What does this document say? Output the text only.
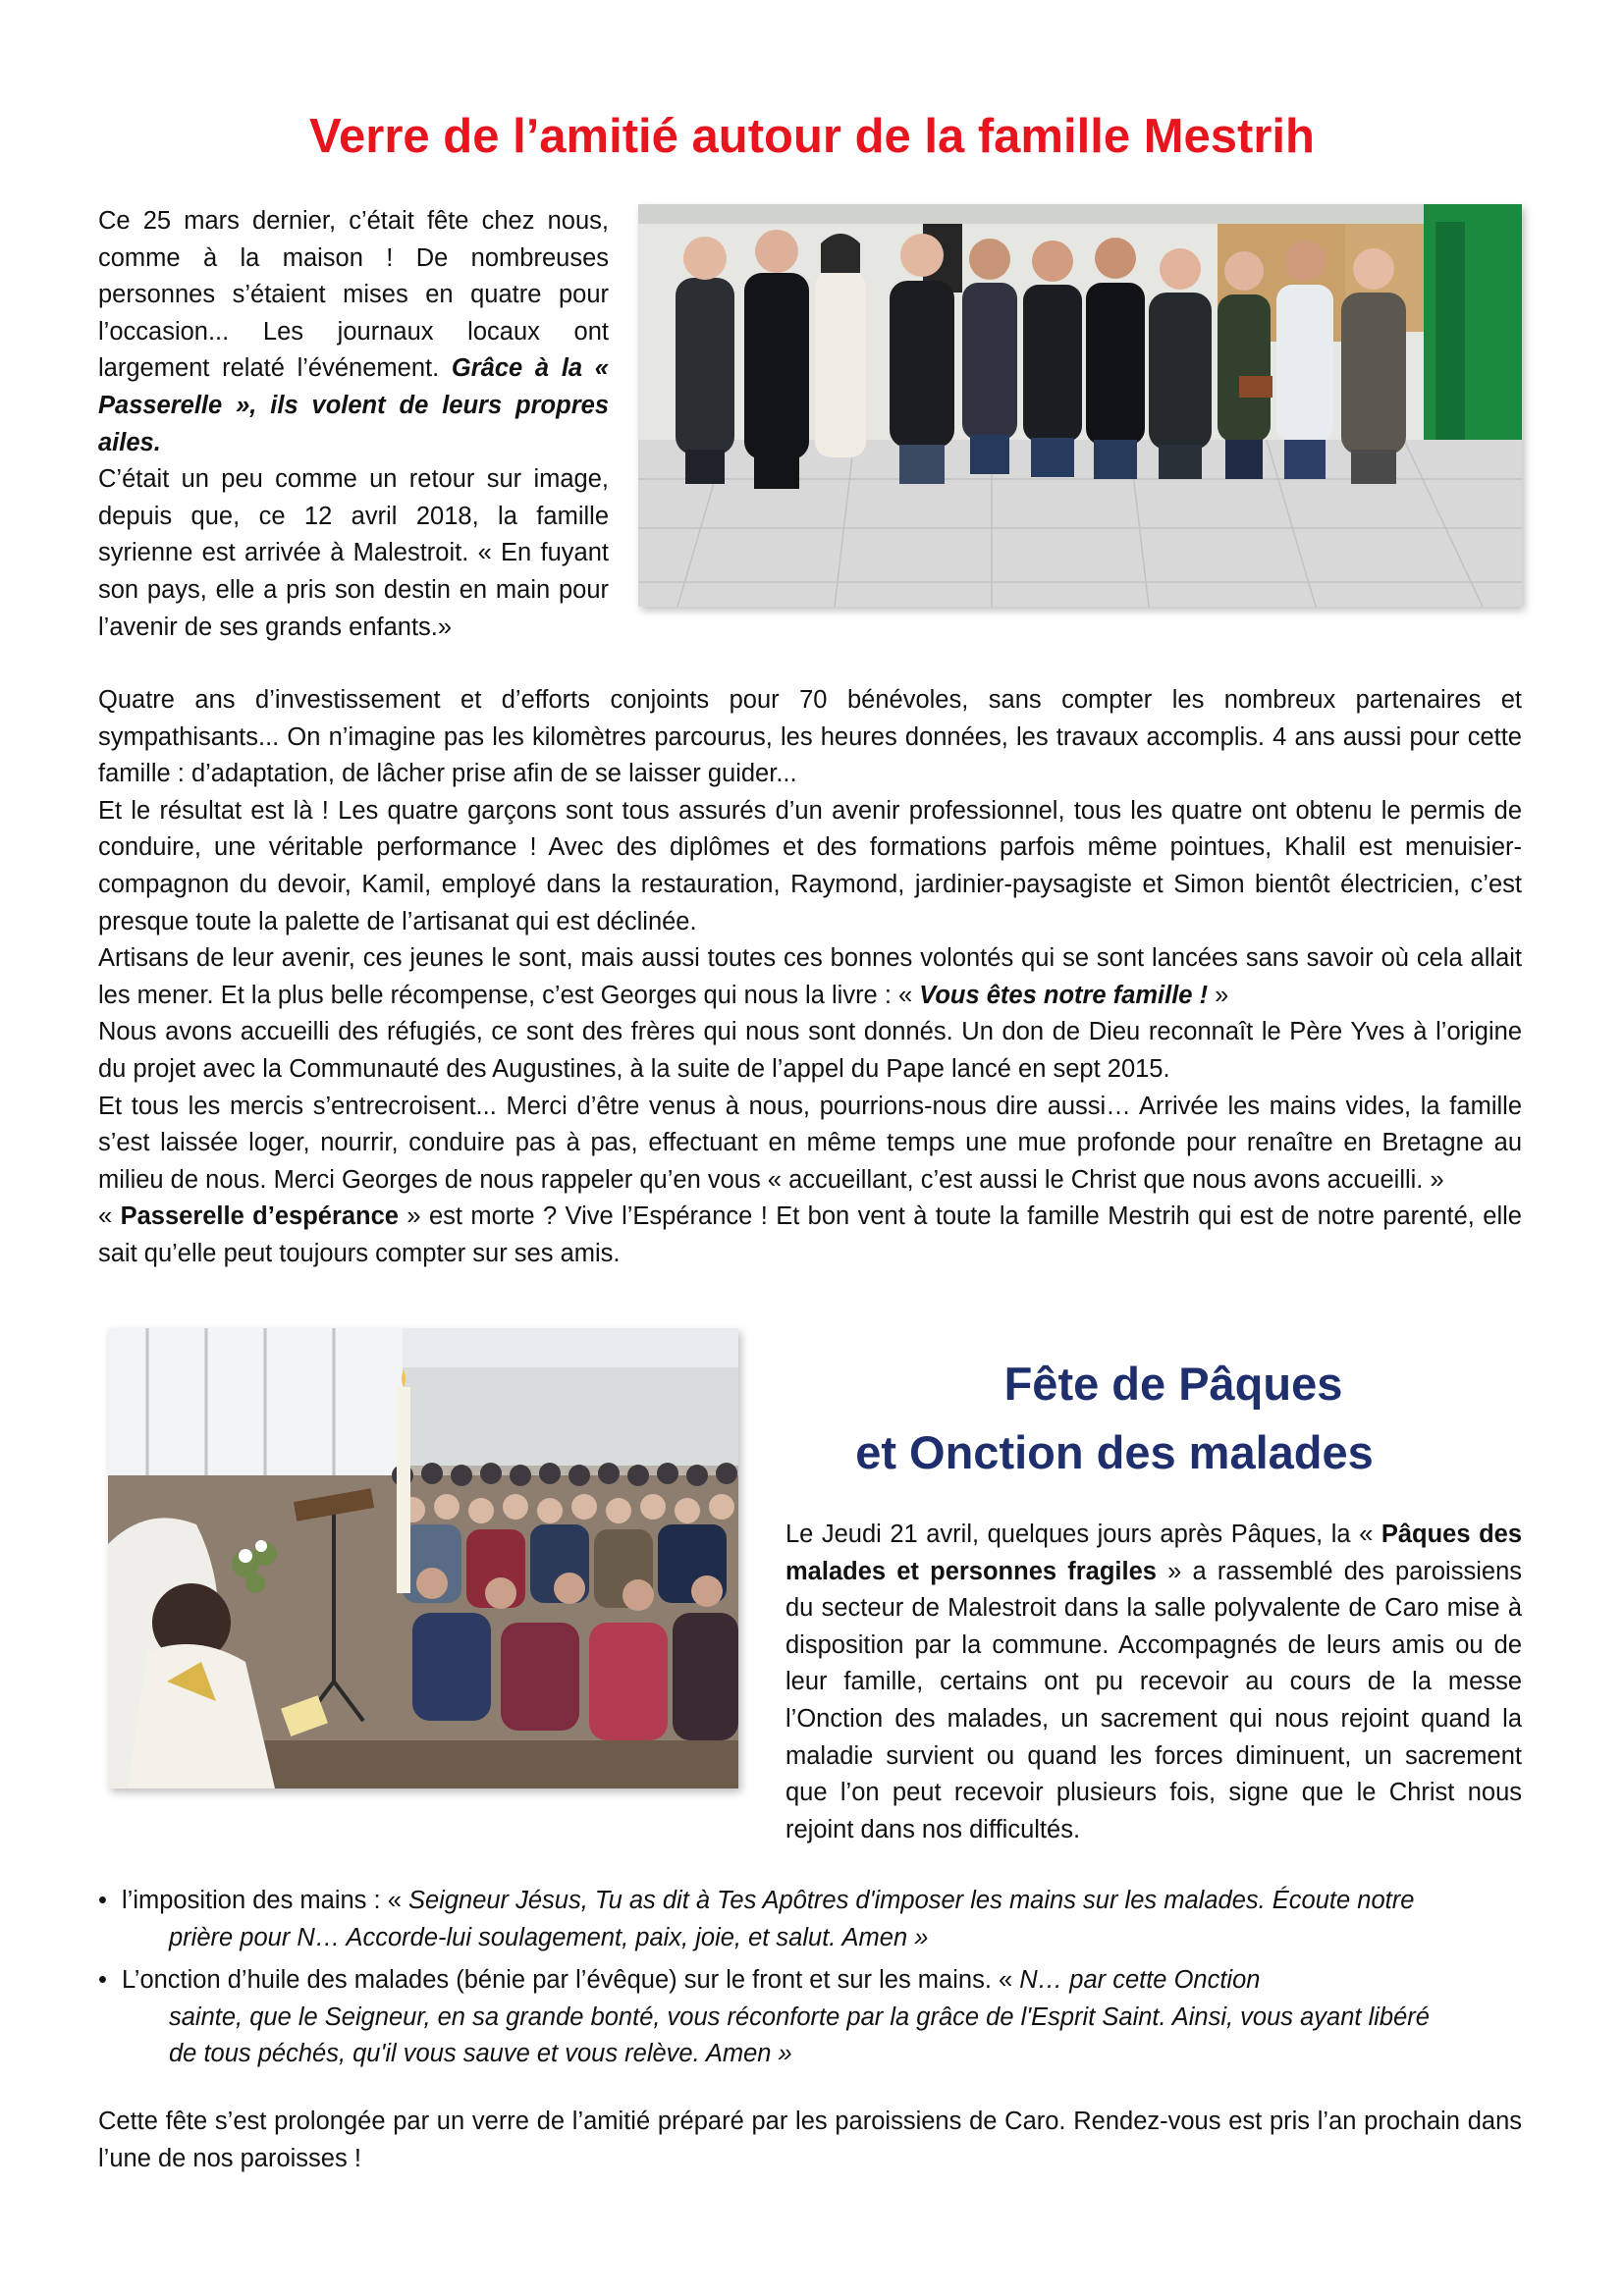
Verre de l’amitié autour de la famille Mestrih

Ce 25 mars dernier, c’était fête chez nous, comme à la maison ! De nombreuses personnes s’étaient mises en quatre pour l’occasion... Les journaux locaux ont largement relaté l’événement. Grâce à la « Passerelle », ils volent de leurs propres ailes.

C’était un peu comme un retour sur image, depuis que, ce 12 avril 2018, la famille syrienne est arrivée à Malestroit. « En fuyant son pays, elle a pris son destin en main pour l’avenir de ses grands enfants.»

Quatre ans d’investissement et d’efforts conjoints pour 70 bénévoles, sans compter les nombreux partenaires et sympathisants... On n’imagine pas les kilomètres parcourus, les heures données, les travaux accomplis. 4 ans aussi pour cette famille : d’adaptation, de lâcher prise afin de se laisser guider...

Et le résultat est là ! Les quatre garçons sont tous assurés d’un avenir professionnel, tous les quatre ont obtenu le permis de conduire, une véritable performance ! Avec des diplômes et des formations parfois même pointues, Khalil est menuisier-compagnon du devoir, Kamil, employé dans la restauration, Raymond, jardinier-paysagiste et Simon bientôt électricien, c’est presque toute la palette de l’artisanat qui est déclinée.

Artisans de leur avenir, ces jeunes le sont, mais aussi toutes ces bonnes volontés qui se sont lancées sans savoir où cela allait les mener. Et la plus belle récompense, c’est Georges qui nous la livre : « Vous êtes notre famille ! »

Nous avons accueilli des réfugiés, ce sont des frères qui nous sont donnés. Un don de Dieu reconnaît le Père Yves à l’origine du projet avec la Communauté des Augustines, à la suite de l’appel du Pape lancé en sept 2015.

Et tous les mercis s’entrecroisent... Merci d’être venus à nous, pourrions-nous dire aussi… Arrivée les mains vides, la famille s’est laissée loger, nourrir, conduire pas à pas, effectuant en même temps une mue profonde pour renaître en Bretagne au milieu de nous. Merci Georges de nous rappeler qu’en vous « accueillant, c’est aussi le Christ que nous avons accueilli. »

« Passerelle d’espérance » est morte ? Vive l’Espérance ! Et bon vent à toute la famille Mestrih qui est de notre parenté, elle sait qu’elle peut toujours compter sur ses amis.

Fête de Pâques
et Onction des malades

Le Jeudi 21 avril, quelques jours après Pâques, la « Pâques des malades et personnes fragiles » a rassemblé des paroissiens du secteur de Malestroit dans la salle polyvalente de Caro mise à disposition par la commune. Accompagnés de leurs amis ou de leur famille, certains ont pu recevoir au cours de la messe l’Onction des malades, un sacrement qui nous rejoint quand la maladie survient ou quand les forces diminuent, un sacrement que l’on peut recevoir plusieurs fois, signe que le Christ nous rejoint dans nos difficultés.

• l’imposition des mains : « Seigneur Jésus, Tu as dit à Tes Apôtres d'imposer les mains sur les malades. Écoute notre
prière pour N… Accorde-lui soulagement, paix, joie, et salut. Amen »
• L’onction d’huile des malades (bénie par l’évêque) sur le front et sur les mains. « N… par cette Onction
sainte, que le Seigneur, en sa grande bonté, vous réconforte par la grâce de l'Esprit Saint. Ainsi, vous ayant libéré
de tous péchés, qu'il vous sauve et vous relève. Amen »

Cette fête s’est prolongée par un verre de l’amitié préparé par les paroissiens de Caro. Rendez-vous est pris l’an prochain dans l’une de nos paroisses !
